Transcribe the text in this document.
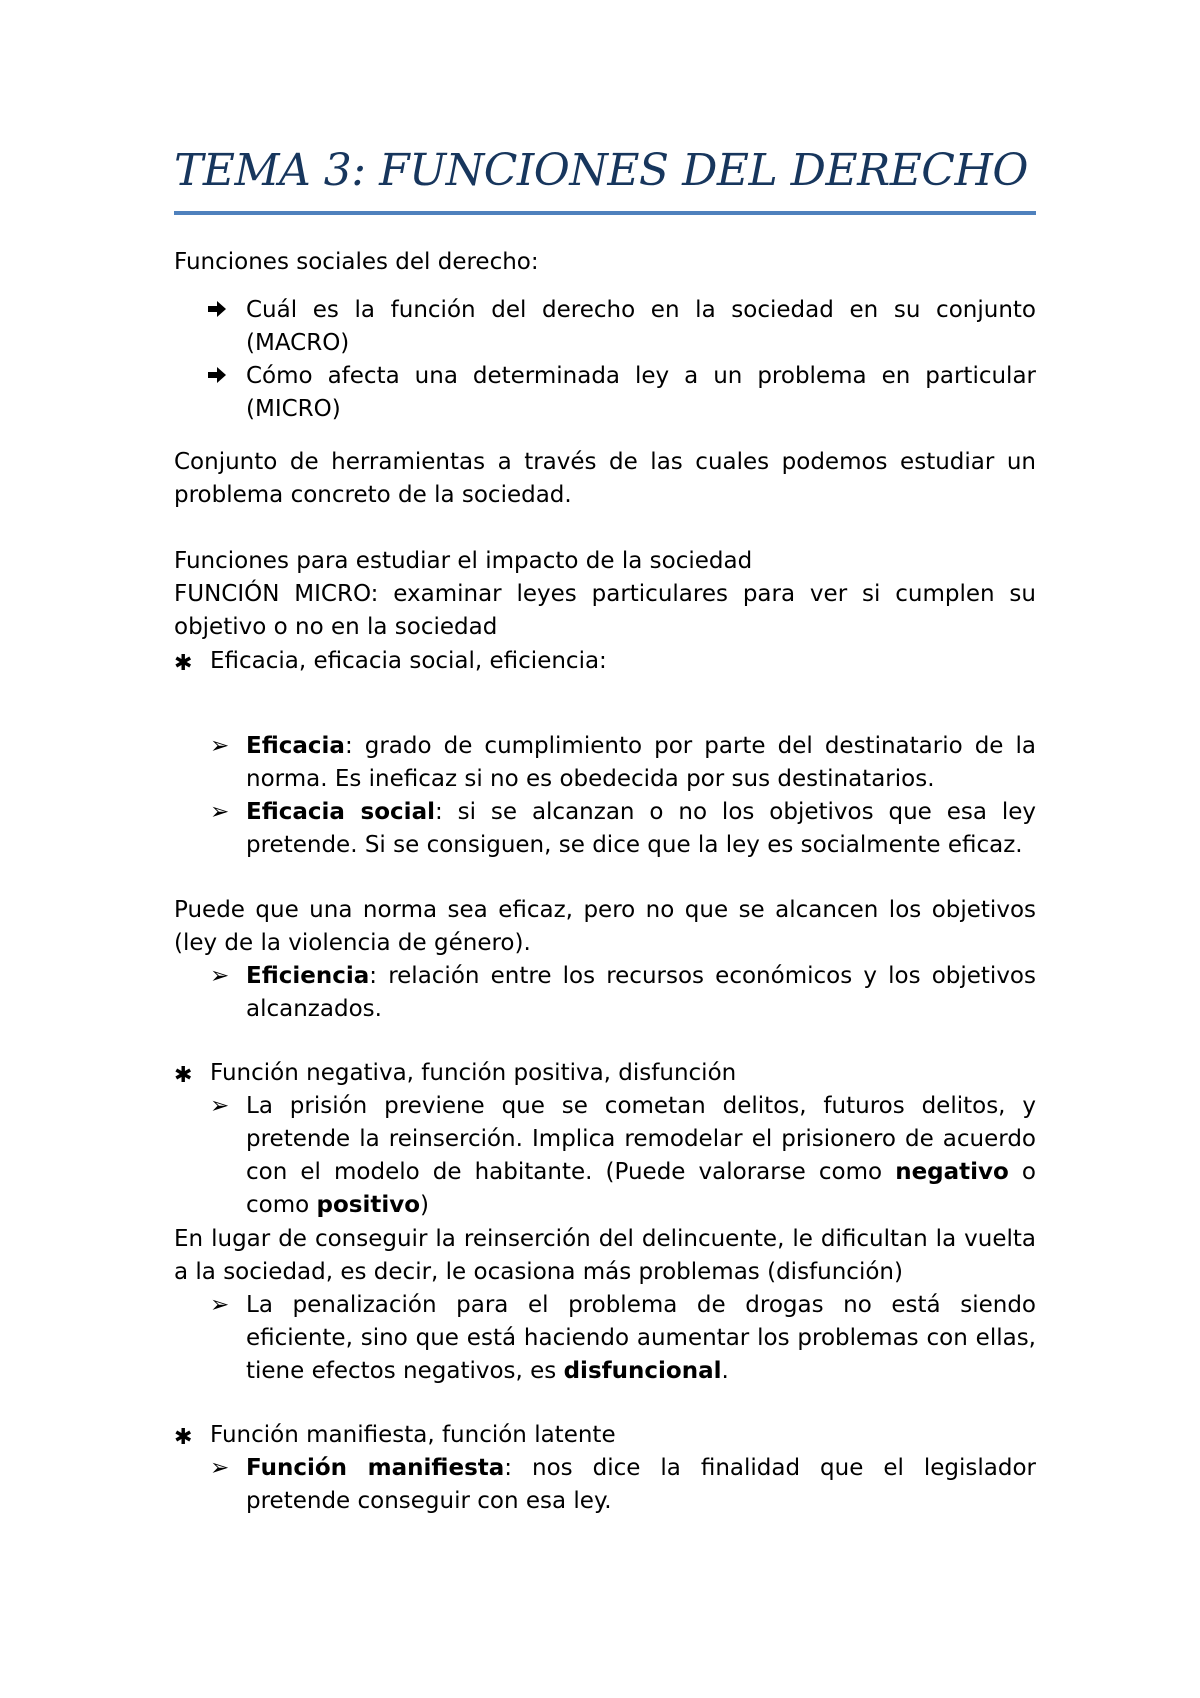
TEMA 3: FUNCIONES DEL DERECHO
Funciones sociales del derecho:
Cuál es la función del derecho en la sociedad en su conjunto (MACRO)
Cómo afecta una determinada ley a un problema en particular (MICRO)
Conjunto de herramientas a través de las cuales podemos estudiar un problema concreto de la sociedad.
Funciones para estudiar el impacto de la sociedad
FUNCIÓN MICRO: examinar leyes particulares para ver si cumplen su objetivo o no en la sociedad
✱ Eficacia, eficacia social, eficiencia:
➢ Eficacia: grado de cumplimiento por parte del destinatario de la norma. Es ineficaz si no es obedecida por sus destinatarios.
➢ Eficacia social: si se alcanzan o no los objetivos que esa ley pretende. Si se consiguen, se dice que la ley es socialmente eficaz.
Puede que una norma sea eficaz, pero no que se alcancen los objetivos (ley de la violencia de género).
➢ Eficiencia: relación entre los recursos económicos y los objetivos alcanzados.
✱ Función negativa, función positiva, disfunción
➢ La prisión previene que se cometan delitos, futuros delitos, y pretende la reinserción. Implica remodelar el prisionero de acuerdo con el modelo de habitante. (Puede valorarse como negativo o como positivo)
En lugar de conseguir la reinserción del delincuente, le dificultan la vuelta a la sociedad, es decir, le ocasiona más problemas (disfunción)
➢ La penalización para el problema de drogas no está siendo eficiente, sino que está haciendo aumentar los problemas con ellas, tiene efectos negativos, es disfuncional.
✱ Función manifiesta, función latente
➢ Función manifiesta: nos dice la finalidad que el legislador pretende conseguir con esa ley.
